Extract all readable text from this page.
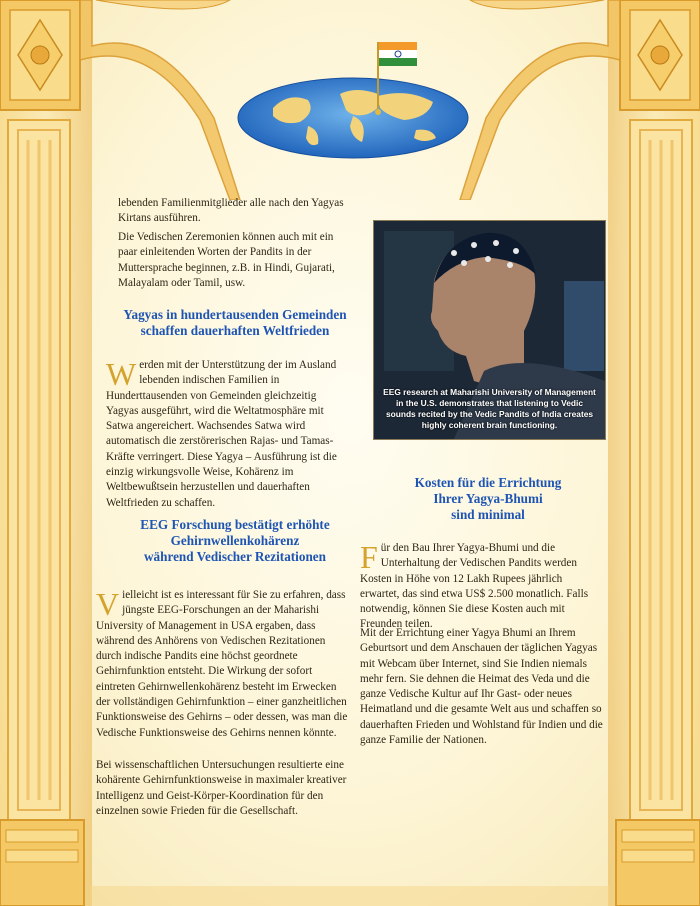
lebenden Familienmitglieder alle nach den Yagyas Kirtans ausführen.

Die Vedischen Zeremonien können auch mit ein paar einleitenden Worten der Pandits in der Muttersprache beginnen, z.B. in Hindi, Gujarati, Malayalam oder Tamil, usw.

Yagyas in hundertausenden Gemeinden
schaffen dauerhaften Weltfrieden

Werden mit der Unterstützung der im Ausland lebenden indischen Familien in Hunderttausenden von Gemeinden gleichzeitig Yagyas ausgeführt, wird die Weltatmosphäre mit Satwa angereichert. Wachsendes Satwa wird automatisch die zerstörerischen Rajas- und Tamas-Kräfte verringert. Diese Yagya – Ausführung ist die einzig wirkungsvolle Weise, Kohärenz im Weltbewußtsein herzustellen und dauerhaften Weltfrieden zu schaffen.

EEG Forschung bestätigt erhöhte
Gehirnwellenkohärenz
während Vedischer Rezitationen

Vielleicht ist es interessant für Sie zu erfahren, dass jüngste EEG-Forschungen an der Maharishi University of Management in USA ergaben, dass während des Anhörens von Vedischen Rezitationen durch indische Pandits eine höchst geordnete Gehirnfunktion entsteht. Die Wirkung der sofort eintreten Gehirnwellenkohärenz besteht im Erwecken der vollständigen Gehirnfunktion – einer ganzheitlichen Funktionsweise des Gehirns – oder dessen, was man die Vedische Funktionsweise des Gehirns nennen könnte.

Bei wissenschaftlichen Untersuchungen resultierte eine kohärente Gehirnfunktionsweise in maximaler kreativer Intelligenz und Geist-Körper-Koordination für den einzelnen sowie Frieden für die Gesellschaft.

EEG research at Maharishi University of Management in the U.S. demonstrates that listening to Vedic sounds recited by the Vedic Pandits of India creates highly coherent brain functioning.
Kosten für die Errichtung
Ihrer Yagya-Bhumi
sind minimal

Für den Bau Ihrer Yagya-Bhumi und die Unterhaltung der Vedischen Pandits werden Kosten in Höhe von 12 Lakh Rupees jährlich erwartet, das sind etwa US$ 2.500 monatlich. Falls notwendig, können Sie diese Kosten auch mit Freunden teilen.

Mit der Errichtung einer Yagya Bhumi an Ihrem Geburtsort und dem Anschauen der täglichen Yagyas mit Webcam über Internet, sind Sie Indien niemals mehr fern. Sie dehnen die Heimat des Veda und die ganze Vedische Kultur auf Ihr Gast- oder neues Heimatland und die gesamte Welt aus und schaffen so dauerhaften Frieden und Wohlstand für Indien und die ganze Familie der Nationen.
